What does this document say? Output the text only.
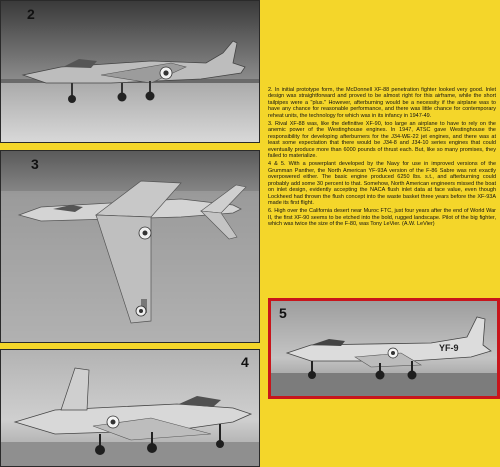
2
3
4

2. In initial prototype form, the McDonnell XF-88 penetration fighter looked very good. Inlet design was straightforward and proved to be almost right for this airframe, while the short tailpipes were a "plus." However, afterburning would be a necessity if the airplane was to have any chance for reasonable performance, and there was little chance for contemporary reheat units, the technology for which was in its infancy in 1947-49.

3. Rival XF-88 was, like the definitive XF-90, too large an airplane to have to rely on the anemic power of the Westinghouse engines. In 1947, ATSC gave Westinghouse the responsibility for developing afterburners for the J34-WE-22 jet engines, and there was at least some expectation that there would be J34-8 and J34-10 series engines that could eventually produce more than 6000 pounds of thrust each. But, like so many promises, they failed to materialize.

4 & 5. With a powerplant developed by the Navy for use in improved versions of the Grumman Panther, the North American YF-93A version of the F-86 Sabre was not exactly overpowered either. The basic engine produced 6250 lbs. s.t., and afterburning could probably add some 30 percent to that. Somehow, North American engineers missed the boat on inlet design, evidently accepting the NACA flush inlet data at face value, even though Lockheed had thrown the flush concept into the waste basket three years before the XF-93A made its first flight.

6. High over the California desert near Muroc FTC, just four years after the end of World War II, the first XF-90 seems to be etched into the bold, rugged landscape. Pilot of the big fighter, which was twice the size of the F-80, was Tony LeVier. (A.W. LeVier)

YF-9
5
